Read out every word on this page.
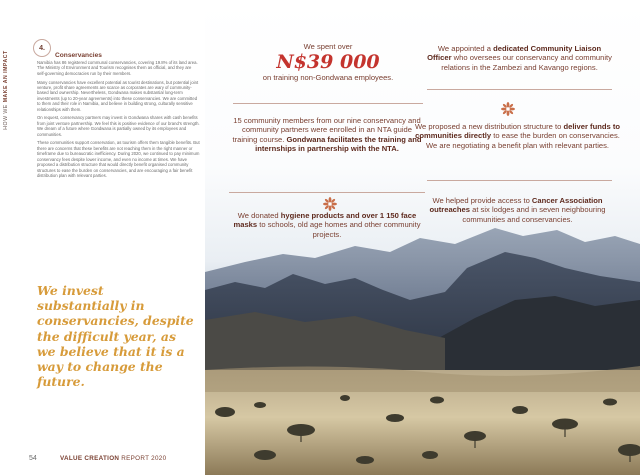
HOW WE MAKE AN IMPACT
4.
Conservancies

Namibia has 86 registered communal conservancies, covering 19.8% of its land area. The Ministry of Environment and Tourism recognises them as official, and they are self-governing democracies run by their members.

Many conservancies have excellent potential as tourist destinations, but potential joint venture, profit share agreements are scarce as corporates are wary of community-based land ownership. Nevertheless, Gondwana makes substantial long-term investments (up to 20-year agreements) into these conservancies. We are committed to them and their role in Namibia, and believe in building strong, culturally sensitive relationships with them.

On request, conservancy partners may invest in Gondwana shares with cash benefits from joint venture partnership. We feel this is positive evidence of our brand’s strength. We dream of a future where Gondwana is partially owned by its employees and communities.

These communities support conservation, as tourism offers them tangible benefits. But there are concerns that these benefits are not reaching them in the right manner or timeframe due to bureaucratic inefficiency. During 2020, we continued to pay minimum conservancy fees despite lower income, and even no income at times. We have proposed a distribution structure that would directly benefit organised community structures to ease the burden on conservancies, and are encouraging a fair benefit distribution plan with relevant parties.

We invest substantially in conservancies, despite the difficult year, as we believe that it is a way to change the future.
54	VALUE CREATION REPORT 2020
We spent over
N$39 000
on training non-Gondwana employees.
We appointed a dedicated Community Liaison Officer who oversees our conservancy and community relations in the Zambezi and Kavango regions.
15 community members from our nine conservancy and community partners were enrolled in an NTA guide training course. Gondwana facilitates the training and internships in partnership with the NTA.
We proposed a new distribution structure to deliver funds to communities directly to ease the burden on conservancies. We are negotiating a benefit plan with relevant parties.
We donated hygiene products and over 1 150 face masks to schools, old age homes and other community projects.
We helped provide access to Cancer Association outreaches at six lodges and in seven neighbouring communities and conservancies.
